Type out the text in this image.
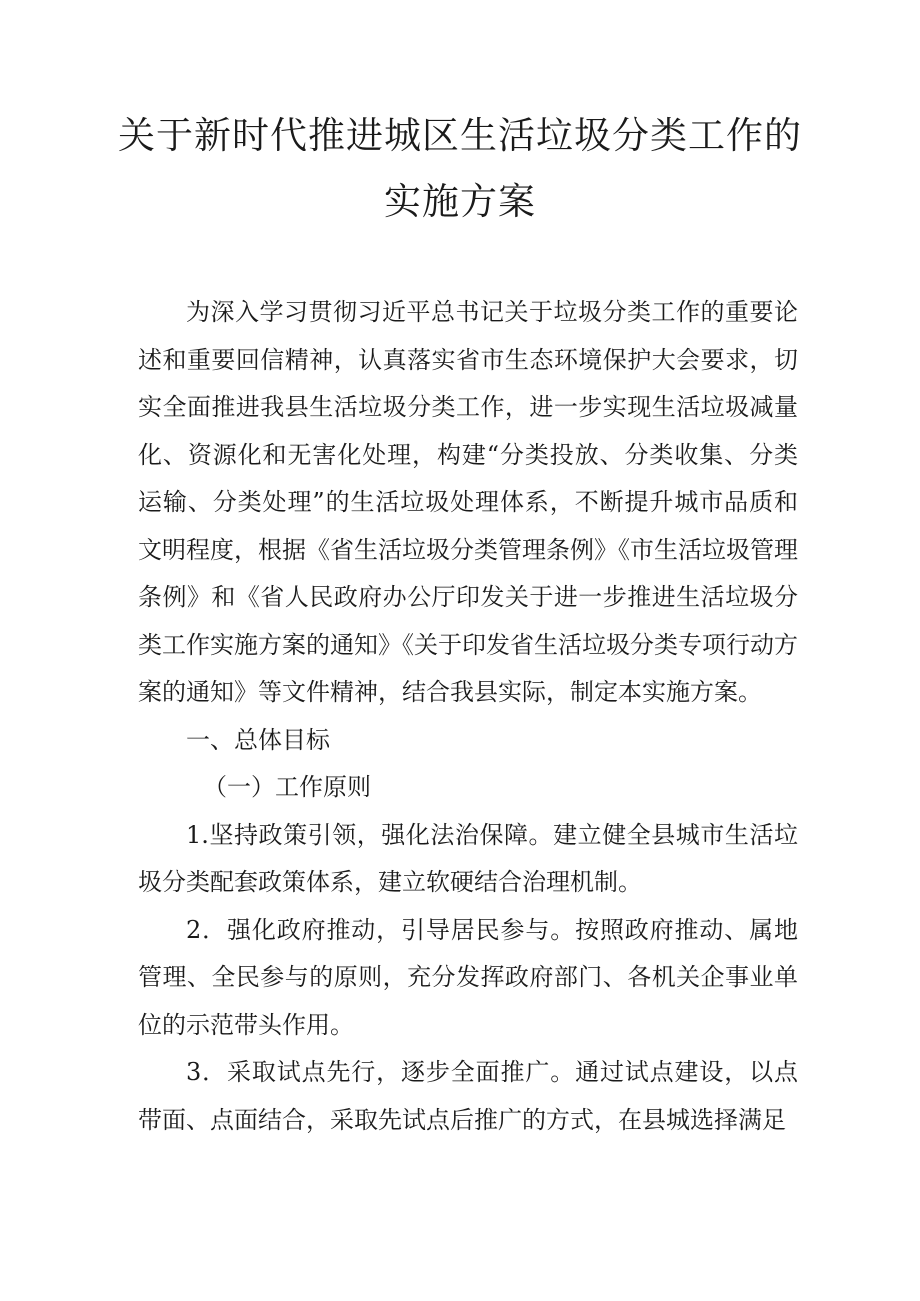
关于新时代推进城区生活垃圾分类工作的
实施方案

为深入学习贯彻习近平总书记关于垃圾分类工作的重要论述和重要回信精神，认真落实省市生态环境保护大会要求，切实全面推进我县生活垃圾分类工作，进一步实现生活垃圾减量化、资源化和无害化处理，构建“分类投放、分类收集、分类运输、分类处理”的生活垃圾处理体系，不断提升城市品质和文明程度，根据《省生活垃圾分类管理条例》《市生活垃圾管理条例》和《省人民政府办公厅印发关于进一步推进生活垃圾分类工作实施方案的通知》《关于印发省生活垃圾分类专项行动方案的通知》等文件精神，结合我县实际，制定本实施方案。

一、总体目标

（一）工作原则

1.坚持政策引领，强化法治保障。建立健全县城市生活垃圾分类配套政策体系，建立软硬结合治理机制。

2．强化政府推动，引导居民参与。按照政府推动、属地管理、全民参与的原则，充分发挥政府部门、各机关企事业单位的示范带头作用。

3．采取试点先行，逐步全面推广。通过试点建设，以点带面、点面结合，采取先试点后推广的方式，在县城选择满足
